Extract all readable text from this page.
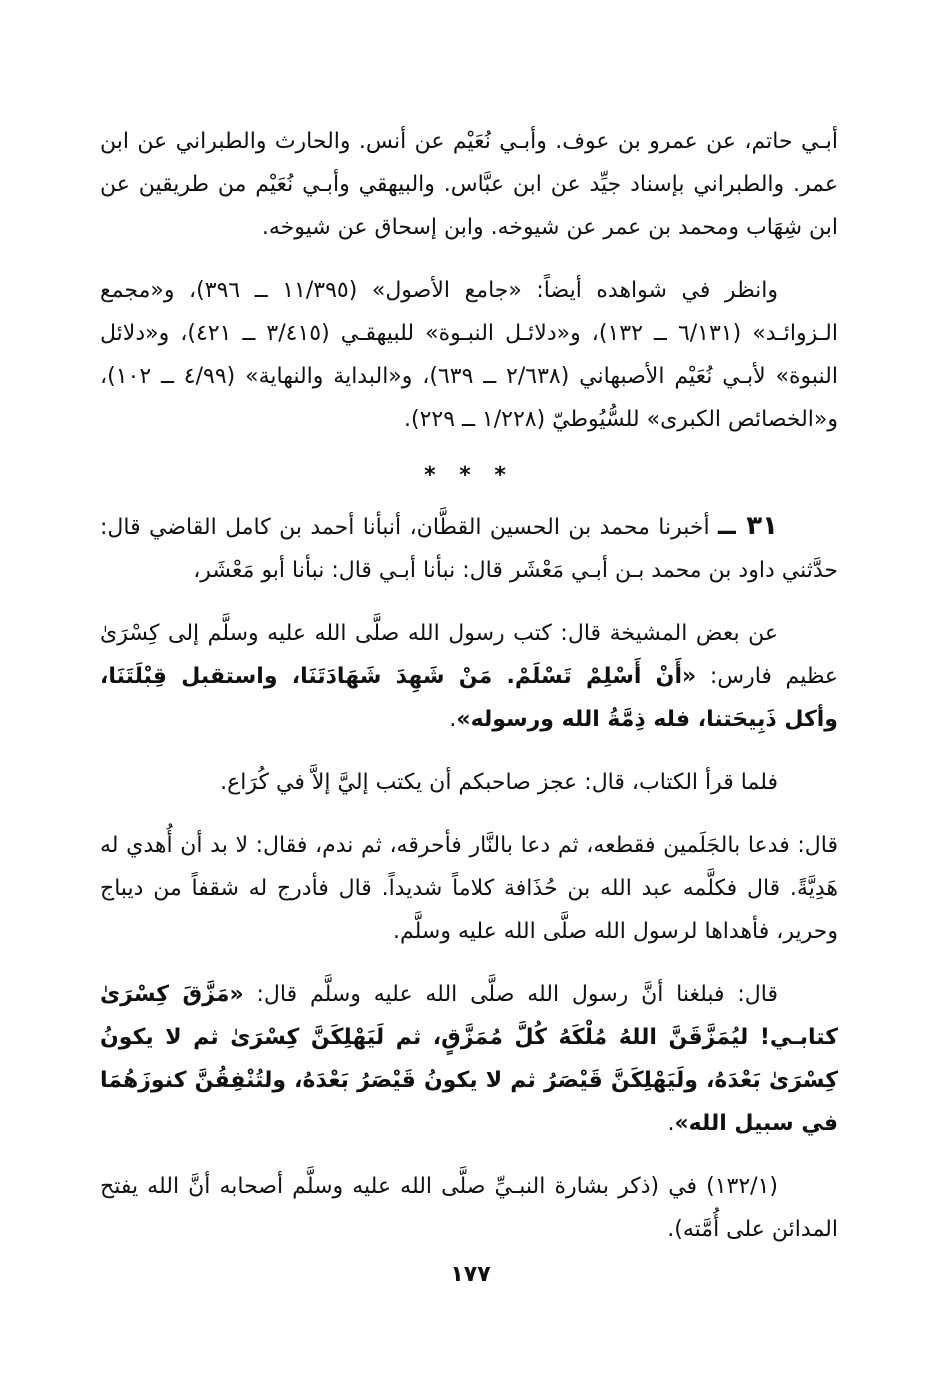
أبـي حاتم، عن عمرو بن عوف. وأبـي نُعَيْم عن أنس. والحارث والطبراني عن ابن عمر. والطبراني بإسناد جيِّد عن ابن عبَّاس. والبيهقي وأبـي نُعَيْم من طريقين عن ابن شِهَاب ومحمد بن عمر عن شيوخه. وابن إسحاق عن شيوخه.

وانظر في شواهده أيضاً: «جامع الأصول» (١١/٣٩٥ ــ ٣٩٦)، و«مجمع الـزوائـد» (٦/١٣١ ــ ١٣٢)، و«دلائـل النبـوة» للبيهقـي (٣/٤١٥ ــ ٤٢١)، و«دلائل النبوة» لأبـي نُعَيْم الأصبهاني (٢/٦٣٨ ــ ٦٣٩)، و«البداية والنهاية» (٤/٩٩ ــ ١٠٢)، و«الخصائص الكبرى» للسُّيُوطيّ (١/٢٢٨ ــ ٢٢٩).

* * *

٣١ ــ أخبرنا محمد بن الحسين القطَّان، أنبأنا أحمد بن كامل القاضي قال: حدَّثني داود بن محمد بـن أبـي مَعْشَر قال: نبأنا أبـي قال: نبأنا أبو مَعْشَر،

عن بعض المشيخة قال: كتب رسول الله صلَّى الله عليه وسلَّم إلى كِسْرَىٰ عظيم فارس: «أَنْ أَسْلِمْ تَسْلَمْ. مَنْ شَهِدَ شَهَادَتَنَا، واستقبل قِبْلَتَنَا، وأكل ذَبِيحَتنا، فله ذِمَّةُ الله ورسوله».

فلما قرأ الكتاب، قال: عجز صاحبكم أن يكتب إليَّ إلاَّ في كُرَاع.

قال: فدعا بالجَلَمين فقطعه، ثم دعا بالنَّار فأحرقه، ثم ندم، فقال: لا بد أن أُهدي له هَدِيَّةً. قال فكلَّمه عبد الله بن حُذَافة كلاماً شديداً. قال فأدرج له شقفاً من ديباج وحرير، فأهداها لرسول الله صلَّى الله عليه وسلَّم.

قال: فبلغنا أنَّ رسول الله صلَّى الله عليه وسلَّم قال: «مَزَّقَ كِسْرَىٰ كتابـي! ليُمَزَّقَنَّ اللهُ مُلْكَهُ كُلَّ مُمَزَّقٍ، ثم لَيَهْلِكَنَّ كِسْرَىٰ ثم لا يكونُ كِسْرَىٰ بَعْدَهُ، ولَيَهْلِكَنَّ قَيْصَرُ ثم لا يكونُ قَيْصَرُ بَعْدَهُ، ولتُنْفِقُنَّ كنوزَهُمَا في سبيل الله».

(١٣٢/١) في (ذكر بشارة النبـيِّ صلَّى الله عليه وسلَّم أصحابه أنَّ الله يفتح المدائن على أُمَّته).

١٧٧
